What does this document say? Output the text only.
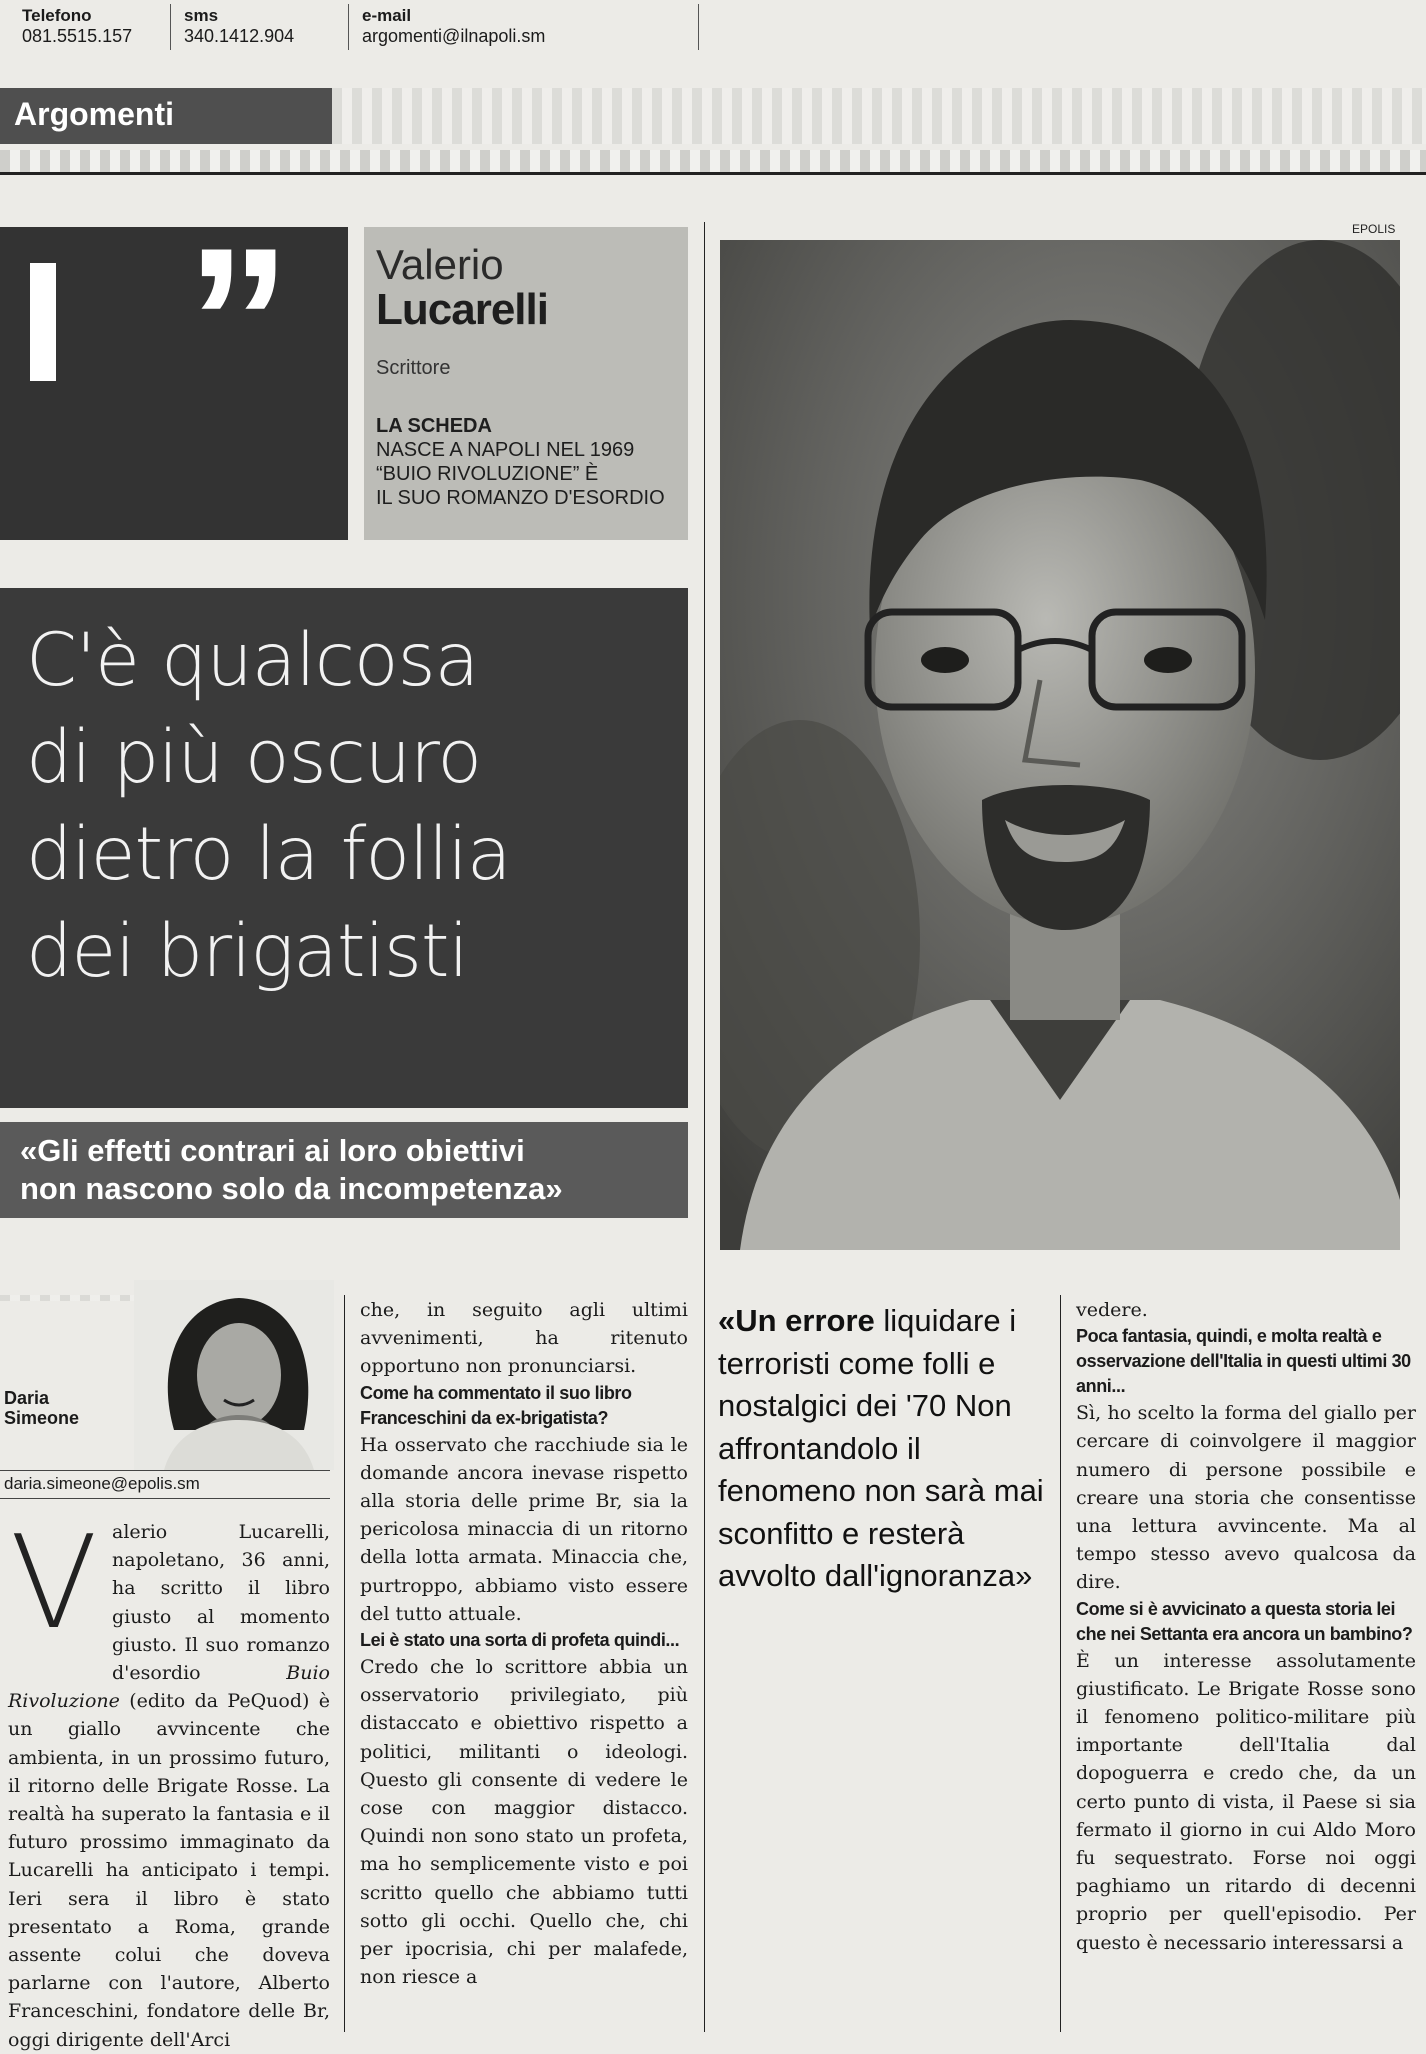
Telefono
081.5515.157
sms
340.1412.904
e-mail
argomenti@ilnapoli.sm
Argomenti
” Valerio
Lucarelli
Scrittore
LA SCHEDA
NASCE A NAPOLI NEL 1969
“BUIO RIVOLUZIONE” È
IL SUO ROMANZO D'ESORDIO
C'è qualcosa
di più oscuro
dietro la follia
dei brigatisti
«Gli effetti contrari ai loro obiettivi
non nascono solo da incompetenza»
EPOLIS
Daria
Simeone
daria.simeone@epolis.sm
V alerio Lucarelli, napoletano, 36 anni, ha scritto il libro giusto al momento giusto. Il suo romanzo d'esordio	Buio Rivoluzione (edito da PeQuod) è un giallo avvincente che ambienta, in un prossimo futuro, il ritorno delle Brigate Rosse. La realtà ha superato la fantasia e il futuro prossimo immaginato da Lucarelli ha anticipato i tempi. Ieri sera il libro è stato presentato a Roma, grande assente colui che doveva parlarne con l'autore, Alberto Franceschini, fondatore delle Br, oggi dirigente dell'Arci

che, in seguito agli ultimi avvenimenti, ha ritenuto opportuno non pronunciarsi.

Come ha commentato il suo libro Franceschini da ex-brigatista?

Ha osservato che racchiude sia le domande ancora inevase rispetto alla storia delle prime Br, sia la pericolosa minaccia di un ritorno della lotta armata. Minaccia che, purtroppo, abbiamo visto essere del tutto attuale.

Lei è stato una sorta di profeta quindi...

Credo che lo scrittore abbia un osservatorio privilegiato, più distaccato e obiettivo rispetto a politici, militanti o ideologi. Questo gli consente di vedere le cose con maggior distacco. Quindi non sono stato un profeta, ma ho semplicemente visto e poi scritto quello che abbiamo tutti sotto gli occhi. Quello che, chi per ipocrisia, chi per malafede, non riesce a

«Un errore liquidare i terroristi come folli e nostalgici dei '70 Non affrontandolo il fenomeno non sarà mai sconfitto e resterà avvolto dall'ignoranza»

vedere.

Poca fantasia, quindi, e molta realtà e osservazione dell'Italia in questi ultimi 30 anni...

Sì, ho scelto la forma del giallo per cercare di coinvolgere il maggior numero di persone possibile e creare una storia che consentisse una lettura avvincente. Ma al tempo stesso avevo qualcosa da dire.

Come si è avvicinato a questa storia lei che nei Settanta era ancora un bambino?

È un interesse assolutamente giustificato. Le Brigate Rosse sono il fenomeno politico-militare più importante dell'Italia dal dopoguerra e credo che, da un certo punto di vista, il Paese si sia fermato il giorno in cui Aldo Moro fu sequestrato. Forse noi oggi paghiamo un ritardo di decenni proprio per quell'episodio. Per questo è necessario interessarsi a
